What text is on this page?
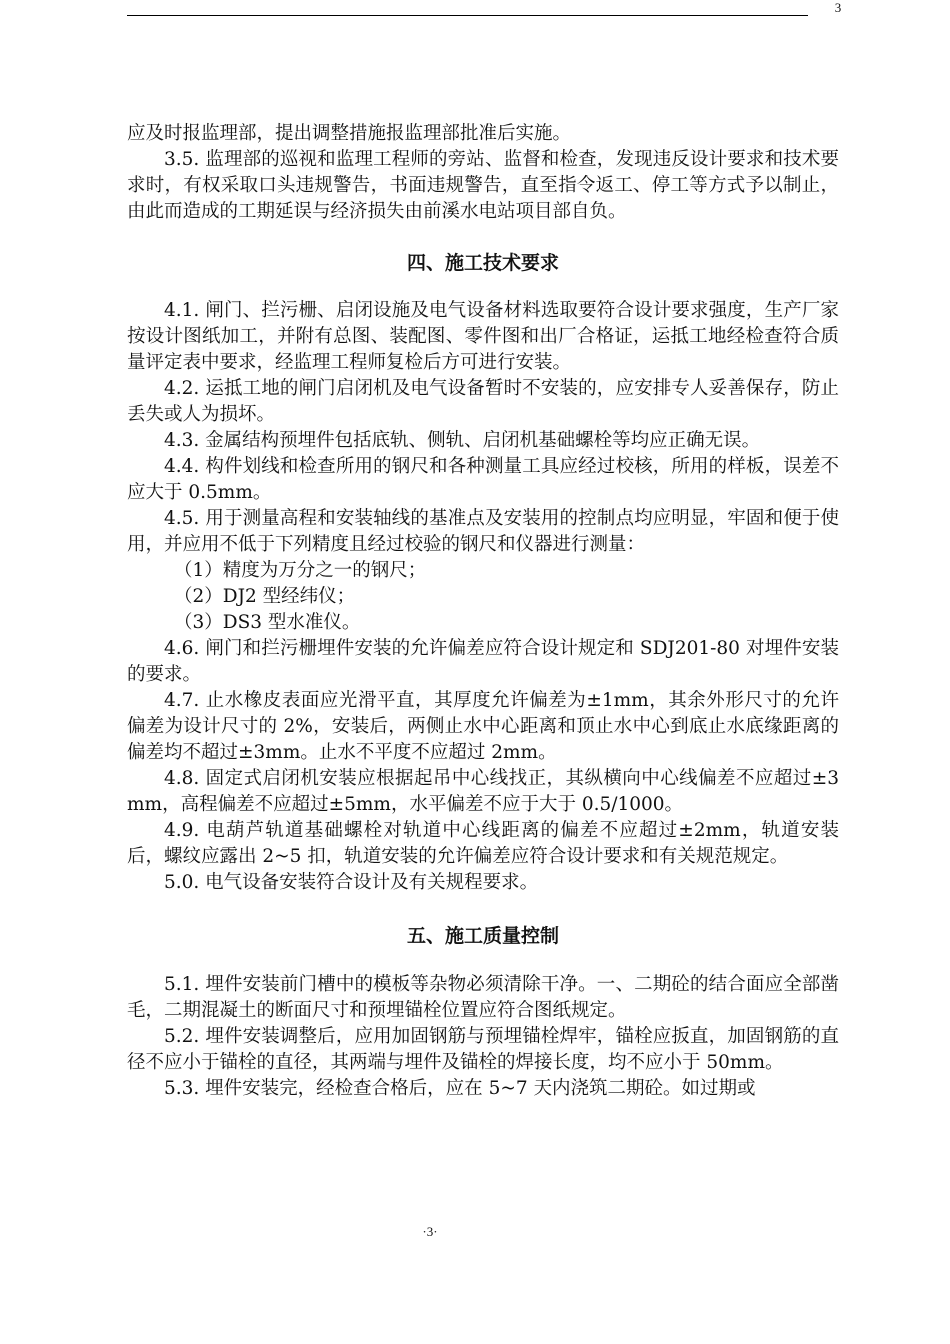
3

应及时报监理部，提出调整措施报监理部批准后实施。

3.5. 监理部的巡视和监理工程师的旁站、监督和检查，发现违反设计要求和技术要求时，有权采取口头违规警告，书面违规警告，直至指令返工、停工等方式予以制止，由此而造成的工期延误与经济损失由前溪水电站项目部自负。

四、施工技术要求

4.1. 闸门、拦污栅、启闭设施及电气设备材料选取要符合设计要求强度，生产厂家按设计图纸加工，并附有总图、装配图、零件图和出厂合格证，运抵工地经检查符合质量评定表中要求，经监理工程师复检后方可进行安装。

4.2. 运抵工地的闸门启闭机及电气设备暂时不安装的，应安排专人妥善保存，防止丢失或人为损坏。

4.3. 金属结构预埋件包括底轨、侧轨、启闭机基础螺栓等均应正确无误。

4.4. 构件划线和检查所用的钢尺和各种测量工具应经过校核，所用的样板，误差不应大于 0.5mm。

4.5. 用于测量高程和安装轴线的基准点及安装用的控制点均应明显，牢固和便于使用，并应用不低于下列精度且经过校验的钢尺和仪器进行测量：

（1）精度为万分之一的钢尺；

（2）DJ2 型经纬仪；

（3）DS3 型水准仪。

4.6. 闸门和拦污栅埋件安装的允许偏差应符合设计规定和 SDJ201-80 对埋件安装的要求。

4.7. 止水橡皮表面应光滑平直，其厚度允许偏差为±1mm，其余外形尺寸的允许偏差为设计尺寸的 2%，安装后，两侧止水中心距离和顶止水中心到底止水底缘距离的偏差均不超过±3mm。止水不平度不应超过 2mm。

4.8. 固定式启闭机安装应根据起吊中心线找正，其纵横向中心线偏差不应超过±3mm，高程偏差不应超过±5mm，水平偏差不应于大于 0.5/1000。

4.9. 电葫芦轨道基础螺栓对轨道中心线距离的偏差不应超过±2mm，轨道安装后，螺纹应露出 2~5 扣，轨道安装的允许偏差应符合设计要求和有关规范规定。

5.0. 电气设备安装符合设计及有关规程要求。

五、施工质量控制

5.1. 埋件安装前门槽中的模板等杂物必须清除干净。一、二期砼的结合面应全部凿毛，二期混凝土的断面尺寸和预埋锚栓位置应符合图纸规定。

5.2. 埋件安装调整后，应用加固钢筋与预埋锚栓焊牢，锚栓应扳直，加固钢筋的直径不应小于锚栓的直径，其两端与埋件及锚栓的焊接长度，均不应小于 50mm。

5.3. 埋件安装完，经检查合格后，应在 5~7 天内浇筑二期砼。如过期或

·3·
